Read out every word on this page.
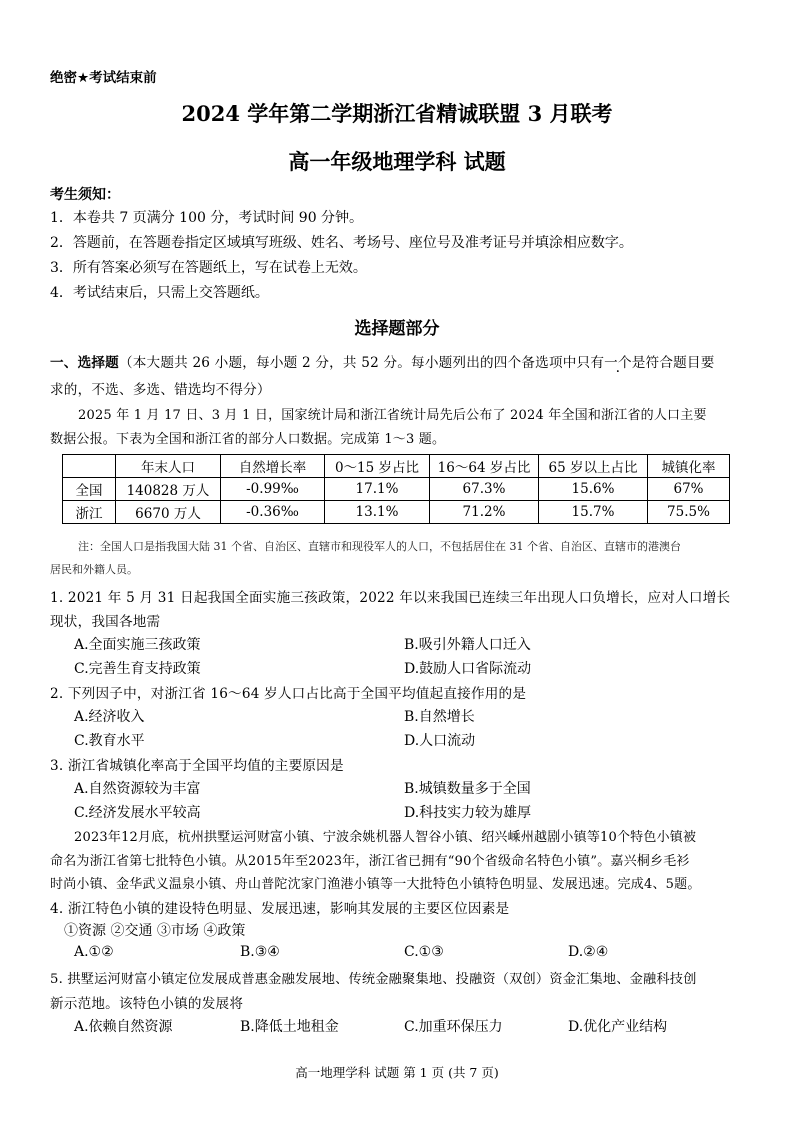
绝密★考试结束前
2024 学年第二学期浙江省精诚联盟 3 月联考
高一年级地理学科 试题
考生须知：
1．本卷共 7 页满分 100 分，考试时间 90 分钟。
2．答题前，在答题卷指定区域填写班级、姓名、考场号、座位号及准考证号并填涂相应数字。
3．所有答案必须写在答题纸上，写在试卷上无效。
4．考试结束后，只需上交答题纸。
选择题部分
一、选择题（本大题共 26 小题，每小题 2 分，共 52 分。每小题列出的四个备选项中只有一个是符合题目要
求的，不选、多选、错选均不得分）
2025 年 1 月 17 日、3 月 1 日，国家统计局和浙江省统计局先后公布了 2024 年全国和浙江省的人口主要
数据公报。下表为全国和浙江省的部分人口数据。完成第 1～3 题。
	年末人口	自然增长率	0～15 岁占比	16～64 岁占比	65 岁以上占比	城镇化率
全国	140828 万人	-0.99‰	17.1%	67.3%	15.6%	67%
浙江	6670 万人	-0.36‰	13.1%	71.2%	15.7%	75.5%
注：全国人口是指我国大陆 31 个省、自治区、直辖市和现役军人的人口，不包括居住在 31 个省、自治区、直辖市的港澳台
居民和外籍人员。
1. 2021 年 5 月 31 日起我国全面实施三孩政策，2022 年以来我国已连续三年出现人口负增长，应对人口增长
现状，我国各地需
A.全面实施三孩政策	B.吸引外籍人口迁入
C.完善生育支持政策	D.鼓励人口省际流动
2. 下列因子中，对浙江省 16～64 岁人口占比高于全国平均值起直接作用的是
A.经济收入	B.自然增长
C.教育水平	D.人口流动
3. 浙江省城镇化率高于全国平均值的主要原因是
A.自然资源较为丰富	B.城镇数量多于全国
C.经济发展水平较高	D.科技实力较为雄厚
2023年12月底，杭州拱墅运河财富小镇、宁波余姚机器人智谷小镇、绍兴嵊州越剧小镇等10个特色小镇被
命名为浙江省第七批特色小镇。从2015年至2023年，浙江省已拥有“90个省级命名特色小镇”。嘉兴桐乡毛衫
时尚小镇、金华武义温泉小镇、舟山普陀沈家门渔港小镇等一大批特色小镇特色明显、发展迅速。完成4、5题。
4. 浙江特色小镇的建设特色明显、发展迅速，影响其发展的主要区位因素是
①资源 ②交通 ③市场 ④政策
A.①②	B.③④	C.①③	D.②④
5. 拱墅运河财富小镇定位发展成普惠金融发展地、传统金融聚集地、投融资（双创）资金汇集地、金融科技创
新示范地。该特色小镇的发展将
A.依赖自然资源	B.降低土地租金	C.加重环保压力	D.优化产业结构
高一地理学科 试题 第 1 页 (共 7 页)
